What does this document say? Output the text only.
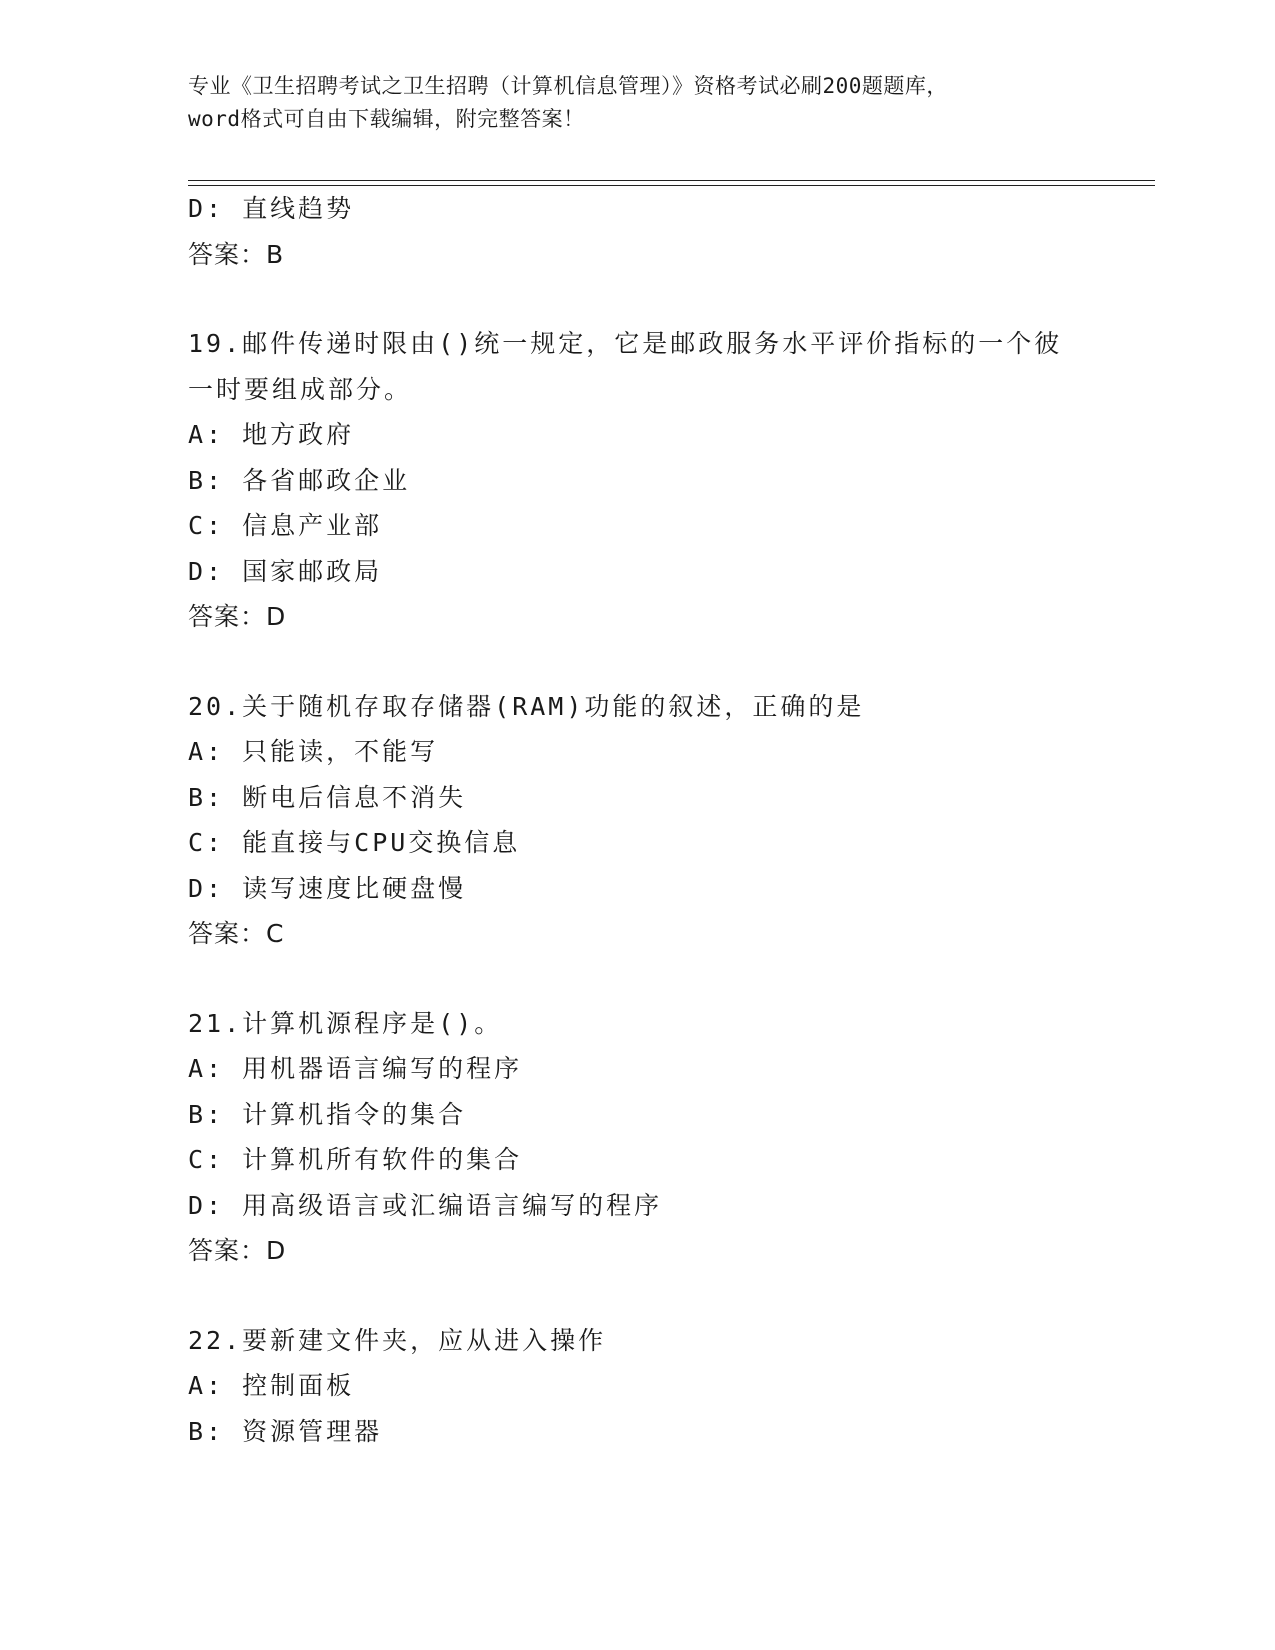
专业《卫生招聘考试之卫生招聘（计算机信息管理）》资格考试必刷200题题库，
word格式可自由下载编辑，附完整答案！
D: 直线趋势
答案：B
19.邮件传递时限由()统一规定，它是邮政服务水平评价指标的一个彼
一时要组成部分。
A: 地方政府
B: 各省邮政企业
C: 信息产业部
D: 国家邮政局
答案：D
20.关于随机存取存储器(RAM)功能的叙述，正确的是
A: 只能读，不能写
B: 断电后信息不消失
C: 能直接与CPU交换信息
D: 读写速度比硬盘慢
答案：C
21.计算机源程序是()。
A: 用机器语言编写的程序
B: 计算机指令的集合
C: 计算机所有软件的集合
D: 用高级语言或汇编语言编写的程序
答案：D
22.要新建文件夹，应从进入操作
A: 控制面板
B: 资源管理器
